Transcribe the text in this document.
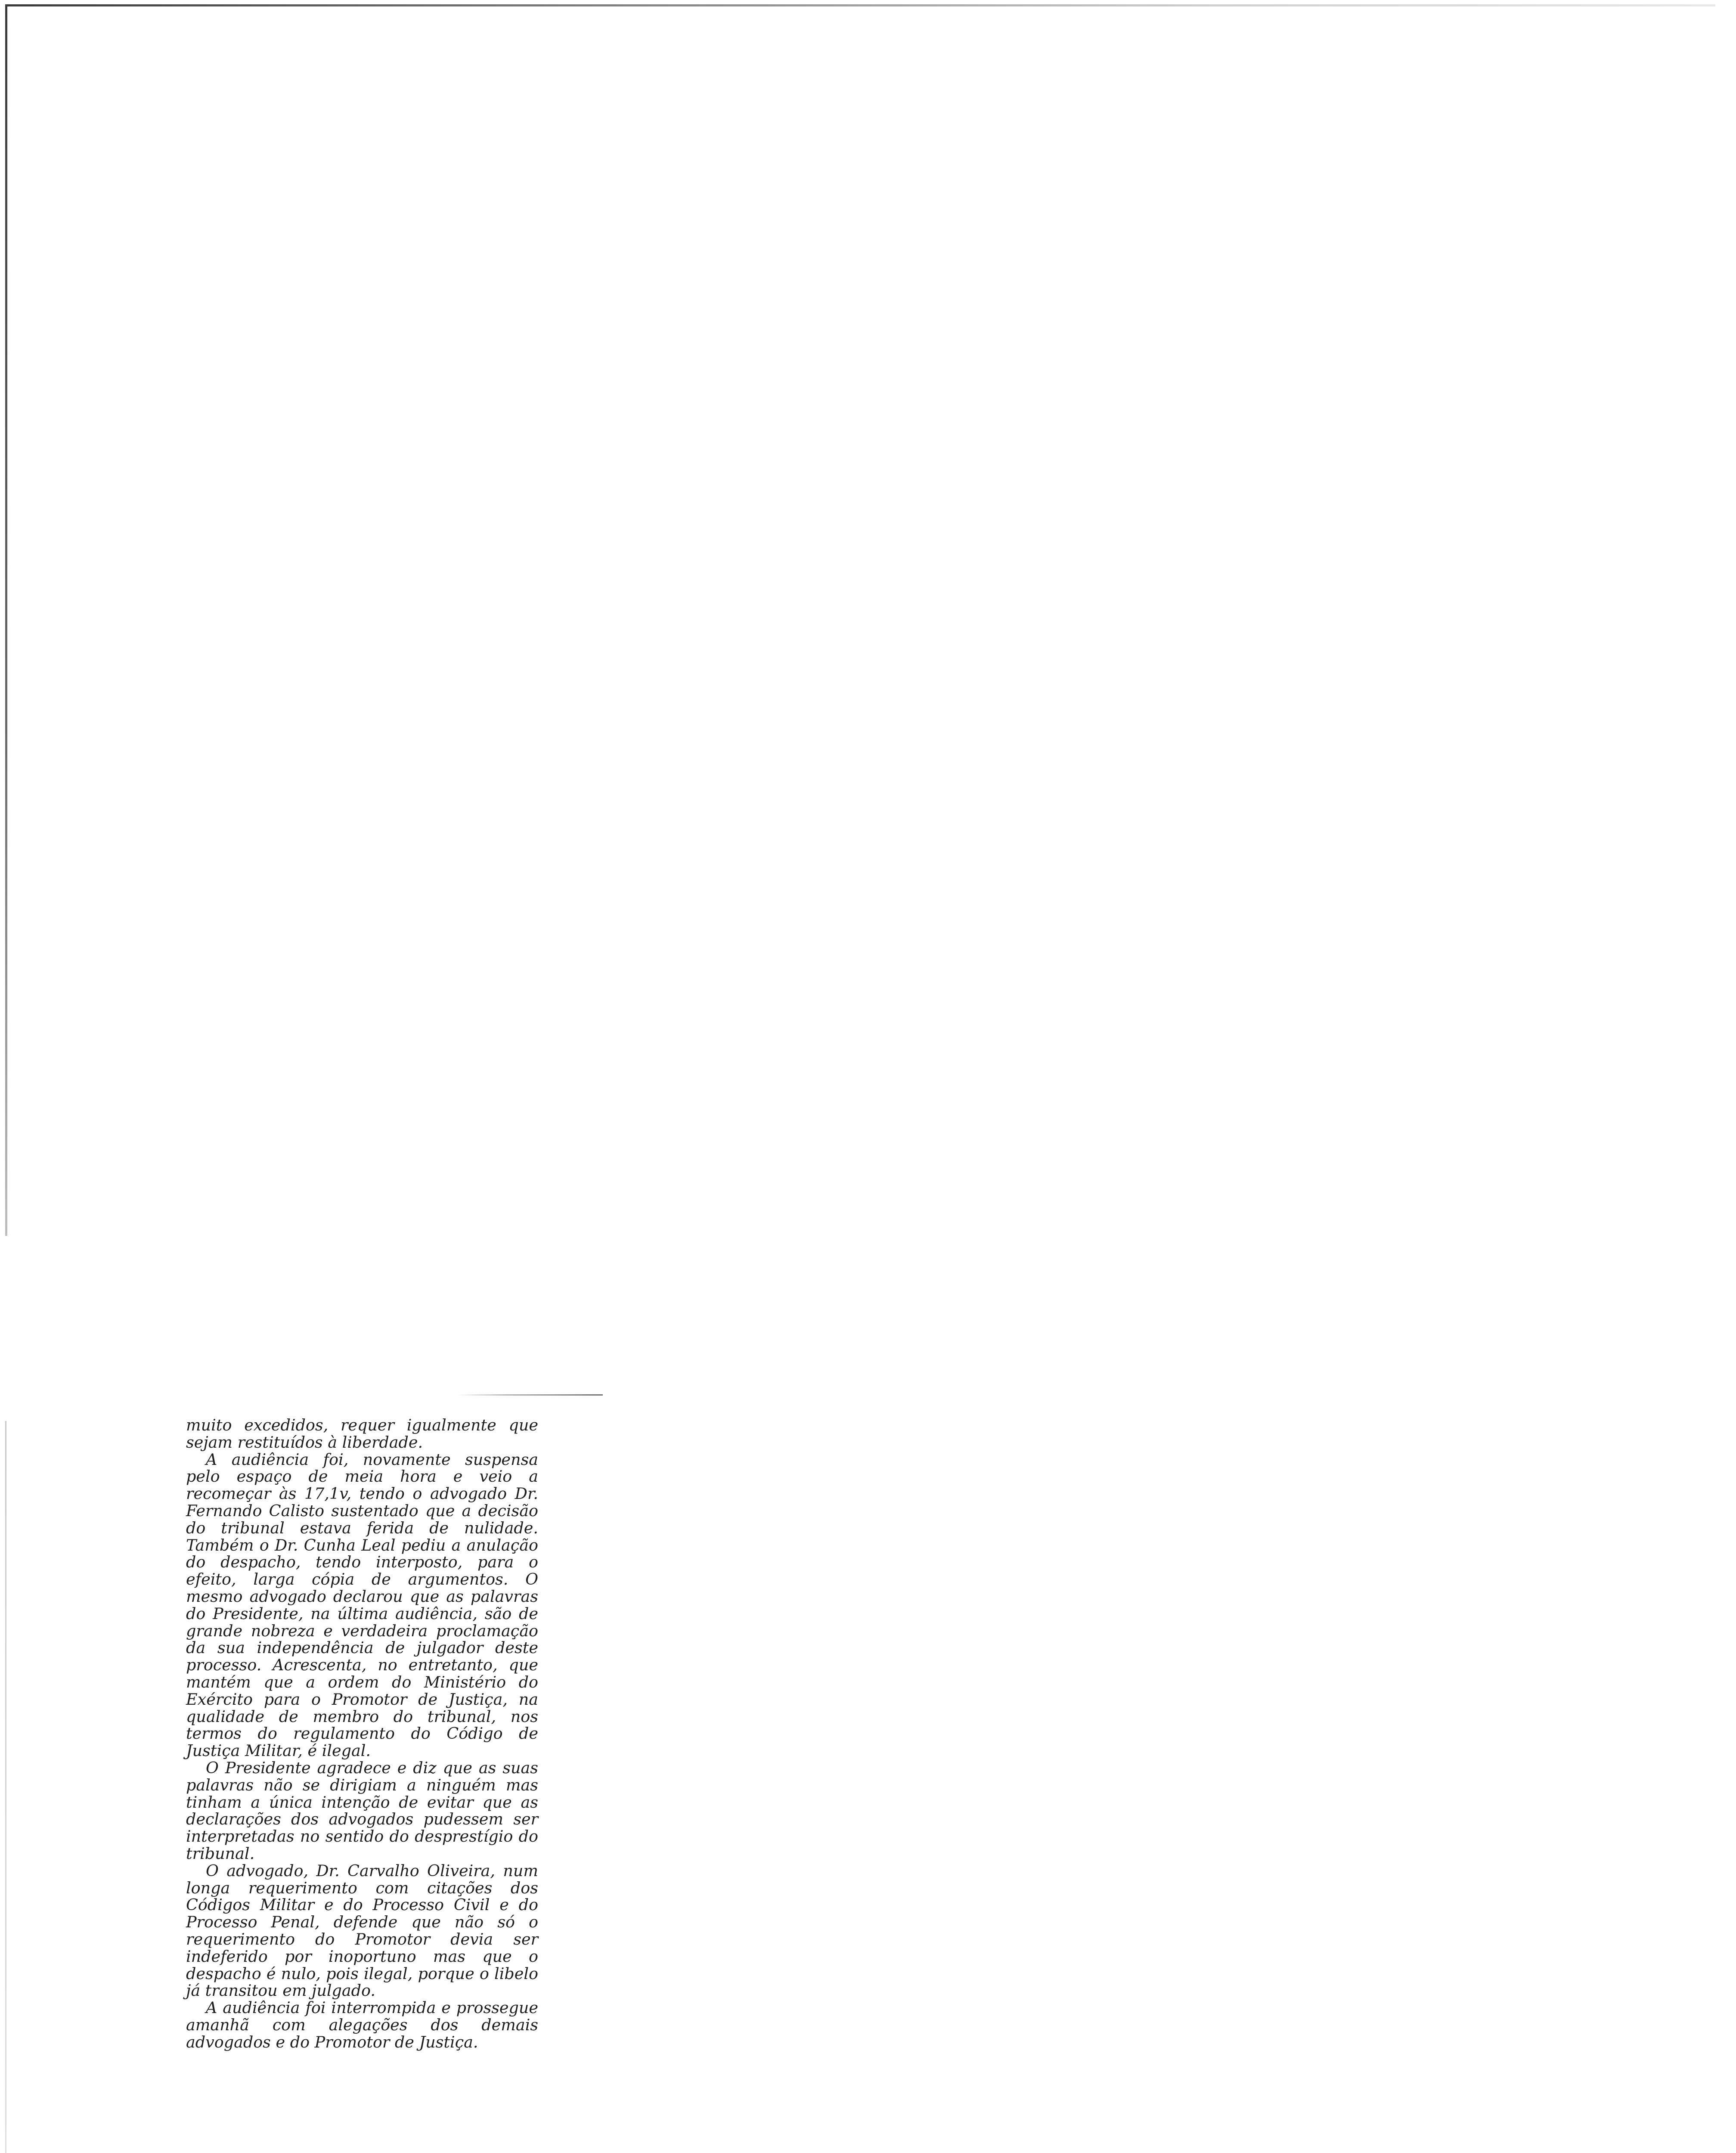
muito excedidos, requer igualmente que sejam restituídos à liberdade.

A audiência foi, novamente suspensa pelo espaço de meia hora e veio a recomeçar às 17,1v, tendo o advogado Dr. Fernando Calisto sustentado que a decisão do tribunal estava ferida de nulidade. Também o Dr. Cunha Leal pediu a anulação do despacho, tendo interposto, para o efeito, larga cópia de argumentos. O mesmo advogado declarou que as palavras do Presidente, na última audiência, são de grande nobreza e verdadeira proclamação da sua independência de julgador deste processo. Acrescenta, no entretanto, que mantém que a ordem do Ministério do Exército para o Promotor de Justiça, na qualidade de membro do tribunal, nos termos do regulamento do Código de Justiça Militar, é ilegal.

O Presidente agradece e diz que as suas palavras não se dirigiam a ninguém mas tinham a única intenção de evitar que as declarações dos advogados pudessem ser interpretadas no sentido do desprestígio do tribunal.

O advogado, Dr. Carvalho Oliveira, num longa requerimento com citações dos Códigos Militar e do Processo Civil e do Processo Penal, defende que não só o requerimento do Promotor devia ser indeferido por inoportuno mas que o despacho é nulo, pois ilegal, porque o libelo já transitou em julgado.

A audiência foi interrompida e prossegue amanhã com alegações dos demais advogados e do Promotor de Justiça.
